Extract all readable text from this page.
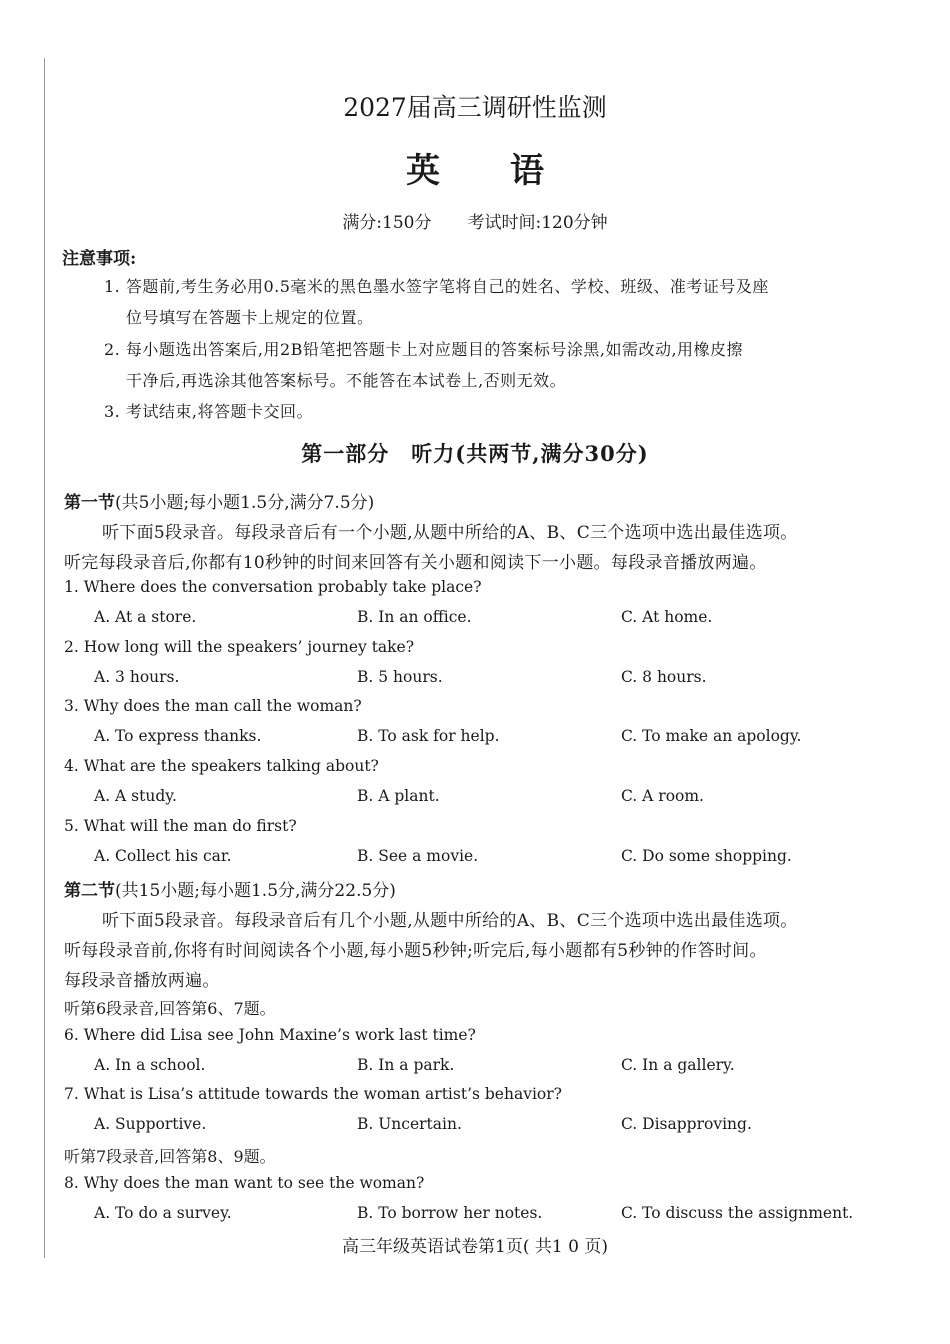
2027届高三调研性监测
英语
满分:150分 考试时间:120分钟
注意事项:
1. 答题前,考生务必用0.5毫米的黑色墨水签字笔将自己的姓名、学校、班级、准考证号及座
位号填写在答题卡上规定的位置。
2. 每小题选出答案后,用2B铅笔把答题卡上对应题目的答案标号涂黑,如需改动,用橡皮擦
干净后,再选涂其他答案标号。不能答在本试卷上,否则无效。
3. 考试结束,将答题卡交回。
第一部分　听力(共两节,满分30分)
第一节(共5小题;每小题1.5分,满分7.5分)
听下面5段录音。每段录音后有一个小题,从题中所给的A、B、C三个选项中选出最佳选项。
听完每段录音后,你都有10秒钟的时间来回答有关小题和阅读下一小题。每段录音播放两遍。
1. Where does the conversation probably take place?
A. At a store.	B. In an office.	C. At home.
2. How long will the speakers’ journey take?
A. 3 hours.	B. 5 hours.	C. 8 hours.
3. Why does the man call the woman?
A. To express thanks.	B. To ask for help.	C. To make an apology.
4. What are the speakers talking about?
A. A study.	B. A plant.	C. A room.
5. What will the man do first?
A. Collect his car.	B. See a movie.	C. Do some shopping.
第二节(共15小题;每小题1.5分,满分22.5分)
听下面5段录音。每段录音后有几个小题,从题中所给的A、B、C三个选项中选出最佳选项。
听每段录音前,你将有时间阅读各个小题,每小题5秒钟;听完后,每小题都有5秒钟的作答时间。
每段录音播放两遍。
听第6段录音,回答第6、7题。
6. Where did Lisa see John Maxine’s work last time?
A. In a school.	B. In a park.	C. In a gallery.
7. What is Lisa’s attitude towards the woman artist’s behavior?
A. Supportive.	B. Uncertain.	C. Disapproving.
听第7段录音,回答第8、9题。
8. Why does the man want to see the woman?
A. To do a survey.	B. To borrow her notes.	C. To discuss the assignment.
高三年级英语试卷第1页( 共1 0 页)
